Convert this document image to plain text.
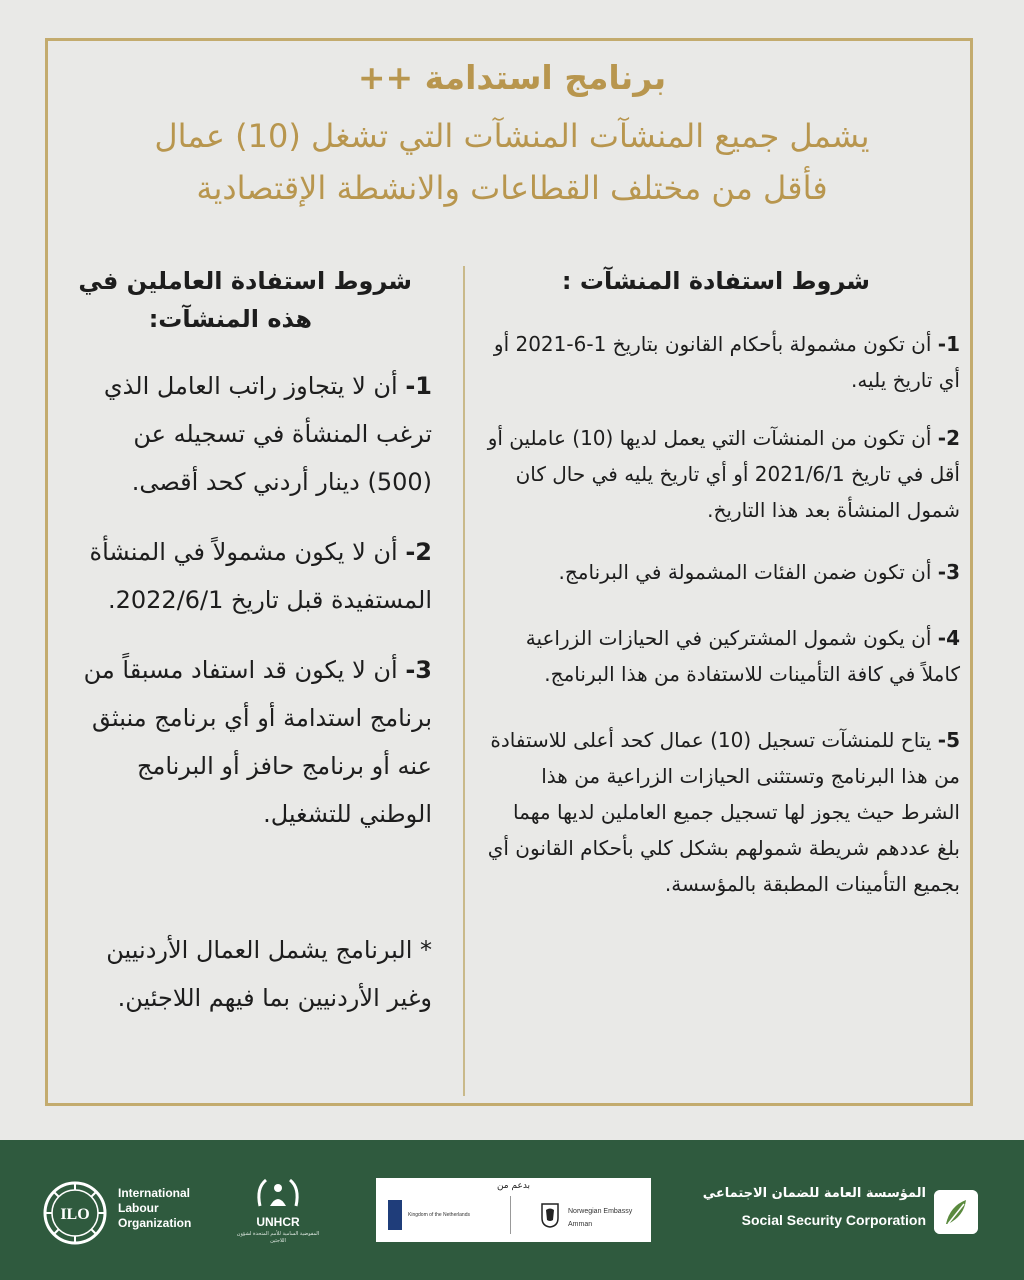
برنامج استدامة ++
يشمل جميع المنشآت المنشآت التي تشغل (10) عمال
فأقل من مختلف القطاعات والانشطة الإقتصادية
شروط استفادة المنشآت :

1- أن تكون مشمولة بأحكام القانون بتاريخ 1-6-2021 أو أي تاريخ يليه.

2- أن تكون من المنشآت التي يعمل لديها (10) عاملين أو أقل في تاريخ 2021/6/1 أو أي تاريخ يليه في حال كان شمول المنشأة بعد هذا التاريخ.

3- أن تكون ضمن الفئات المشمولة في البرنامج.

4- أن يكون شمول المشتركين في الحيازات الزراعية كاملاً في كافة التأمينات للاستفادة من هذا البرنامج.

5- يتاح للمنشآت تسجيل (10) عمال كحد أعلى للاستفادة من هذا البرنامج وتستثنى الحيازات الزراعية من هذا الشرط حيث يجوز لها تسجيل جميع العاملين لديها مهما بلغ عددهم شريطة شمولهم بشكل كلي بأحكام القانون أي بجميع التأمينات المطبقة بالمؤسسة.

شروط استفادة العاملين في
هذه المنشآت:

1- أن لا يتجاوز راتب العامل الذي ترغب المنشأة في تسجيله عن (500) دينار أردني كحد أقصى.

2- أن لا يكون مشمولاً في المنشأة المستفيدة قبل تاريخ 2022/6/1.

3- أن لا يكون قد استفاد مسبقاً من برنامج استدامة أو أي برنامج منبثق عنه أو برنامج حافز أو البرنامج الوطني للتشغيل.

* البرنامج يشمل العمال الأردنيين وغير الأردنيين بما فيهم اللاجئين.

ILO
International
Labour
Organization	UNHCR
المفوضية السامية للأمم المتحدة لشؤون اللاجئين
بدعم من
Kingdom of the Netherlands	Norwegian Embassy
Amman
المؤسسة العامة للضمان الاجتماعي
Social Security Corporation
